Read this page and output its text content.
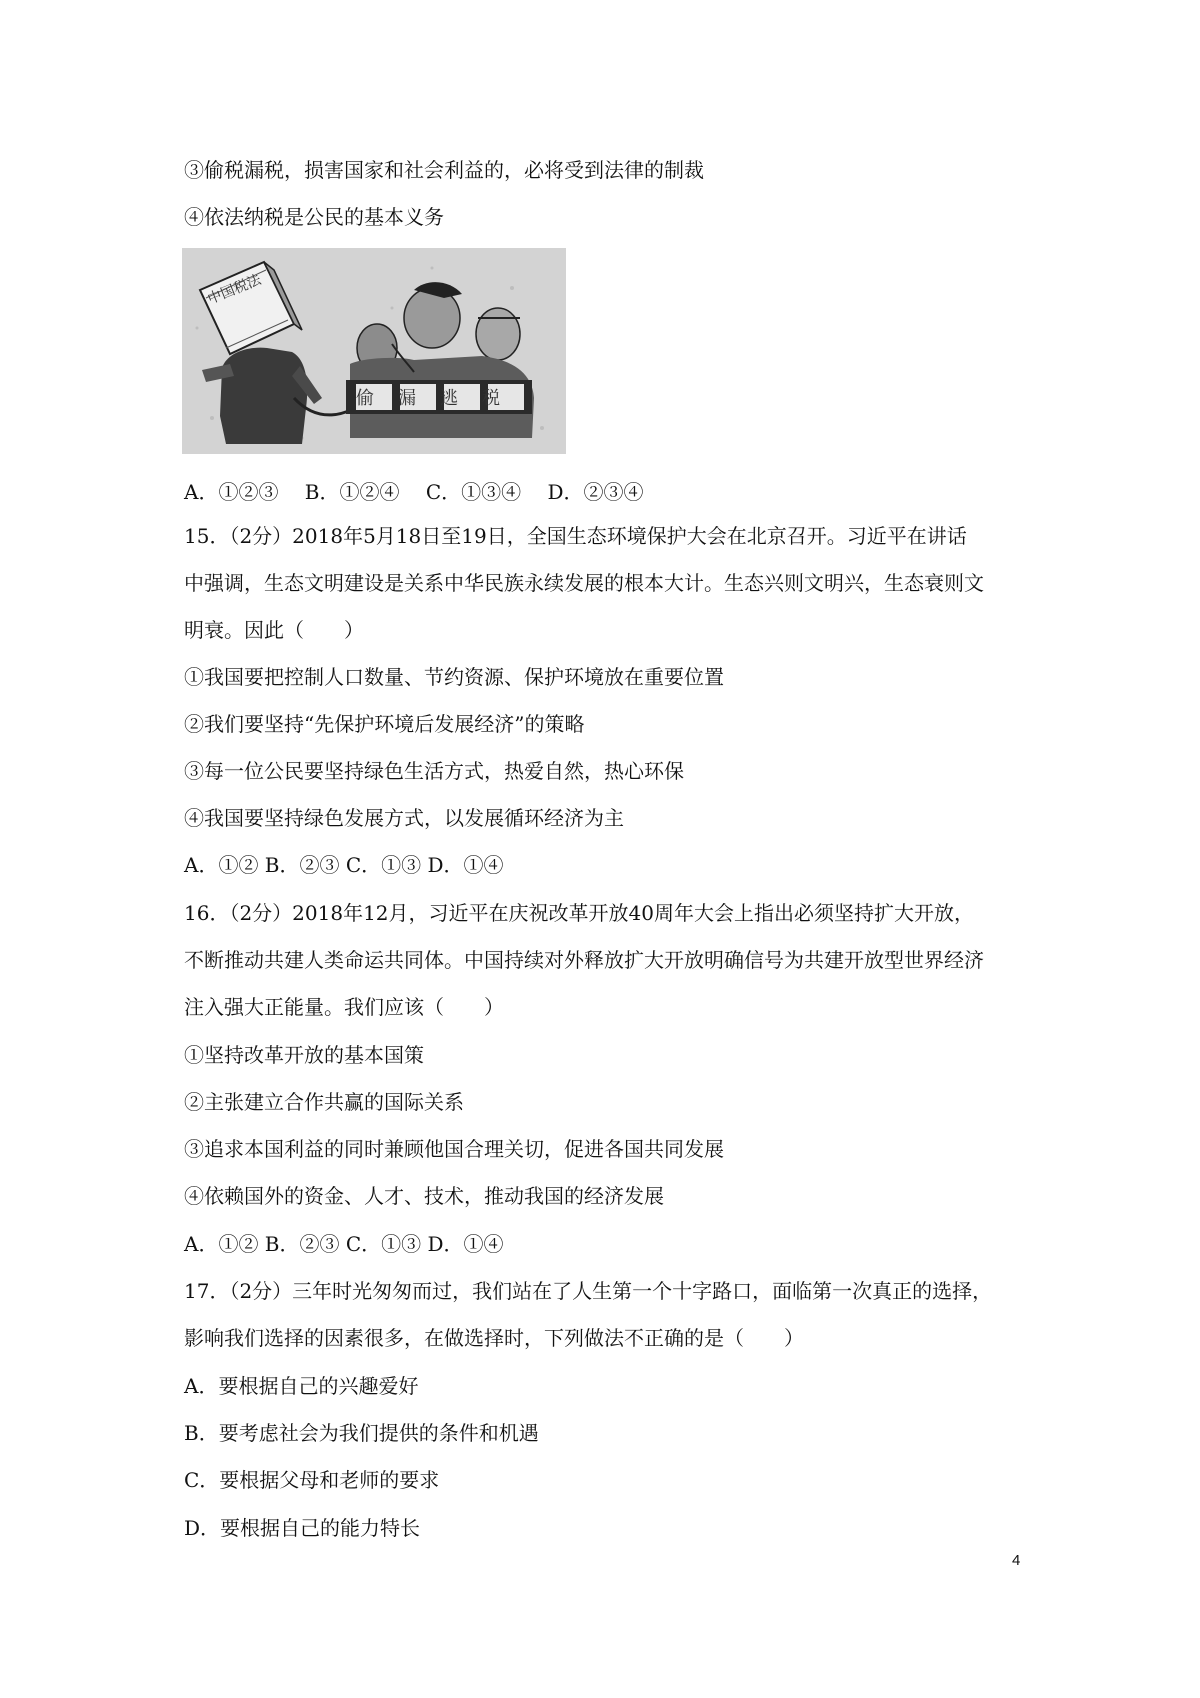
③偷税漏税，损害国家和社会利益的，必将受到法律的制裁
④依法纳税是公民的基本义务
中国税法
偷漏逃税
A．①②③　 B．①②④　 C．①③④　 D．②③④
15．（2分）2018年5月18日至19日，全国生态环境保护大会在北京召开。习近平在讲话
中强调，生态文明建设是关系中华民族永续发展的根本大计。生态兴则文明兴，生态衰则文
明衰。因此（　　）
①我国要把控制人口数量、节约资源、保护环境放在重要位置
②我们要坚持“先保护环境后发展经济”的策略
③每一位公民要坚持绿色生活方式，热爱自然，热心环保
④我国要坚持绿色发展方式，以发展循环经济为主
A．①② B．②③ C．①③ D．①④
16．（2分）2018年12月，习近平在庆祝改革开放40周年大会上指出必须坚持扩大开放，
不断推动共建人类命运共同体。中国持续对外释放扩大开放明确信号为共建开放型世界经济
注入强大正能量。我们应该（　　）
①坚持改革开放的基本国策
②主张建立合作共赢的国际关系
③追求本国利益的同时兼顾他国合理关切，促进各国共同发展
④依赖国外的资金、人才、技术，推动我国的经济发展
A．①② B．②③ C．①③ D．①④
17．（2分）三年时光匆匆而过，我们站在了人生第一个十字路口，面临第一次真正的选择，
影响我们选择的因素很多，在做选择时，下列做法不正确的是（　　）
A．要根据自己的兴趣爱好
B．要考虑社会为我们提供的条件和机遇
C．要根据父母和老师的要求
D．要根据自己的能力特长
4
